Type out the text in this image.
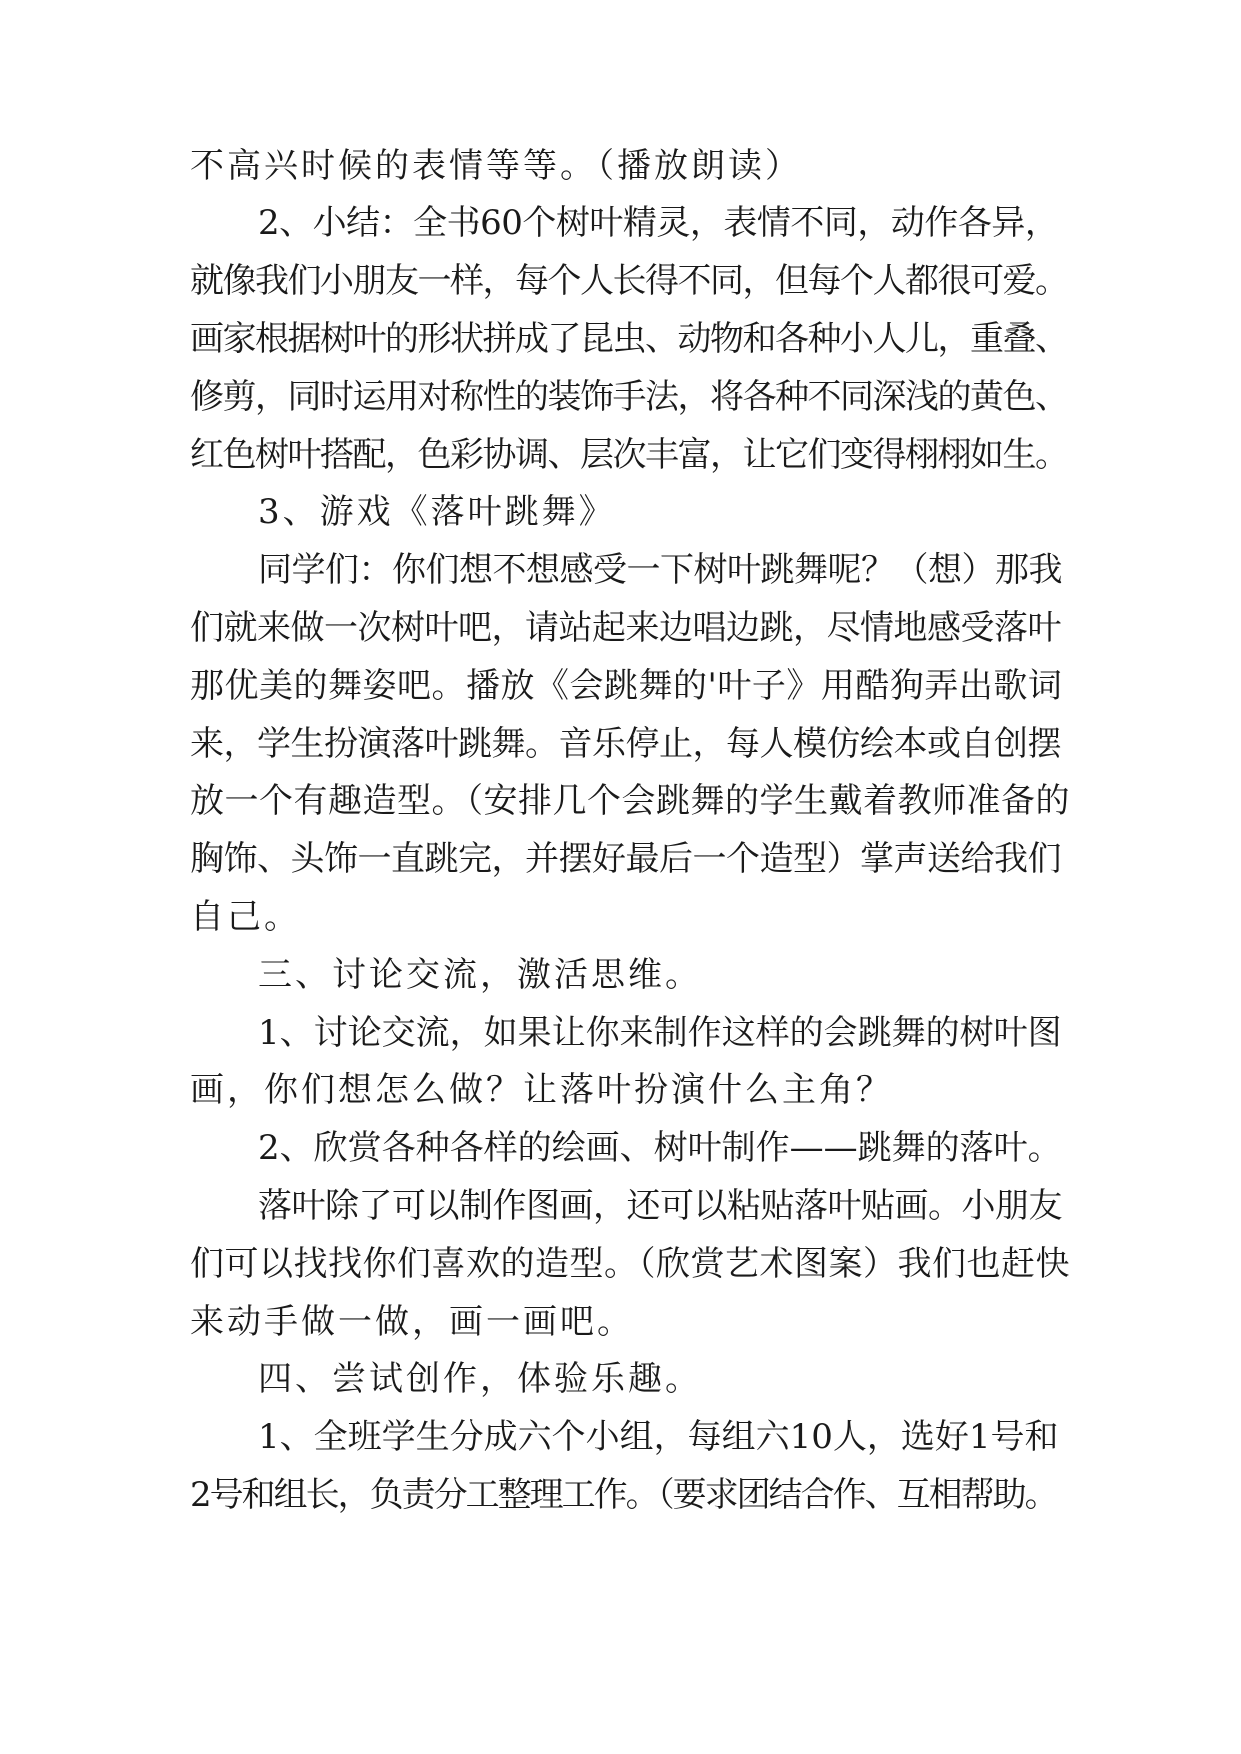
不高兴时候的表情等等。（播放朗读）
2、小结：全书60个树叶精灵，表情不同，动作各异，
就像我们小朋友一样，每个人长得不同，但每个人都很可爱。
画家根据树叶的形状拼成了昆虫、动物和各种小人儿，重叠、
修剪，同时运用对称性的装饰手法，将各种不同深浅的黄色、
红色树叶搭配，色彩协调、层次丰富，让它们变得栩栩如生。
3、游戏《落叶跳舞》
同学们：你们想不想感受一下树叶跳舞呢？（想）那我
们就来做一次树叶吧，请站起来边唱边跳，尽情地感受落叶
那优美的舞姿吧。播放《会跳舞的'叶子》用酷狗弄出歌词
来，学生扮演落叶跳舞。音乐停止，每人模仿绘本或自创摆
放一个有趣造型。（安排几个会跳舞的学生戴着教师准备的
胸饰、头饰一直跳完，并摆好最后一个造型）掌声送给我们
自己。
三、讨论交流，激活思维。
1、讨论交流，如果让你来制作这样的会跳舞的树叶图
画，你们想怎么做？让落叶扮演什么主角？
2、欣赏各种各样的绘画、树叶制作——跳舞的落叶。
落叶除了可以制作图画，还可以粘贴落叶贴画。小朋友
们可以找找你们喜欢的造型。（欣赏艺术图案）我们也赶快
来动手做一做，画一画吧。
四、尝试创作，体验乐趣。
1、全班学生分成六个小组，每组六10人，选好1号和
2号和组长，负责分工整理工作。（要求团结合作、互相帮助。
